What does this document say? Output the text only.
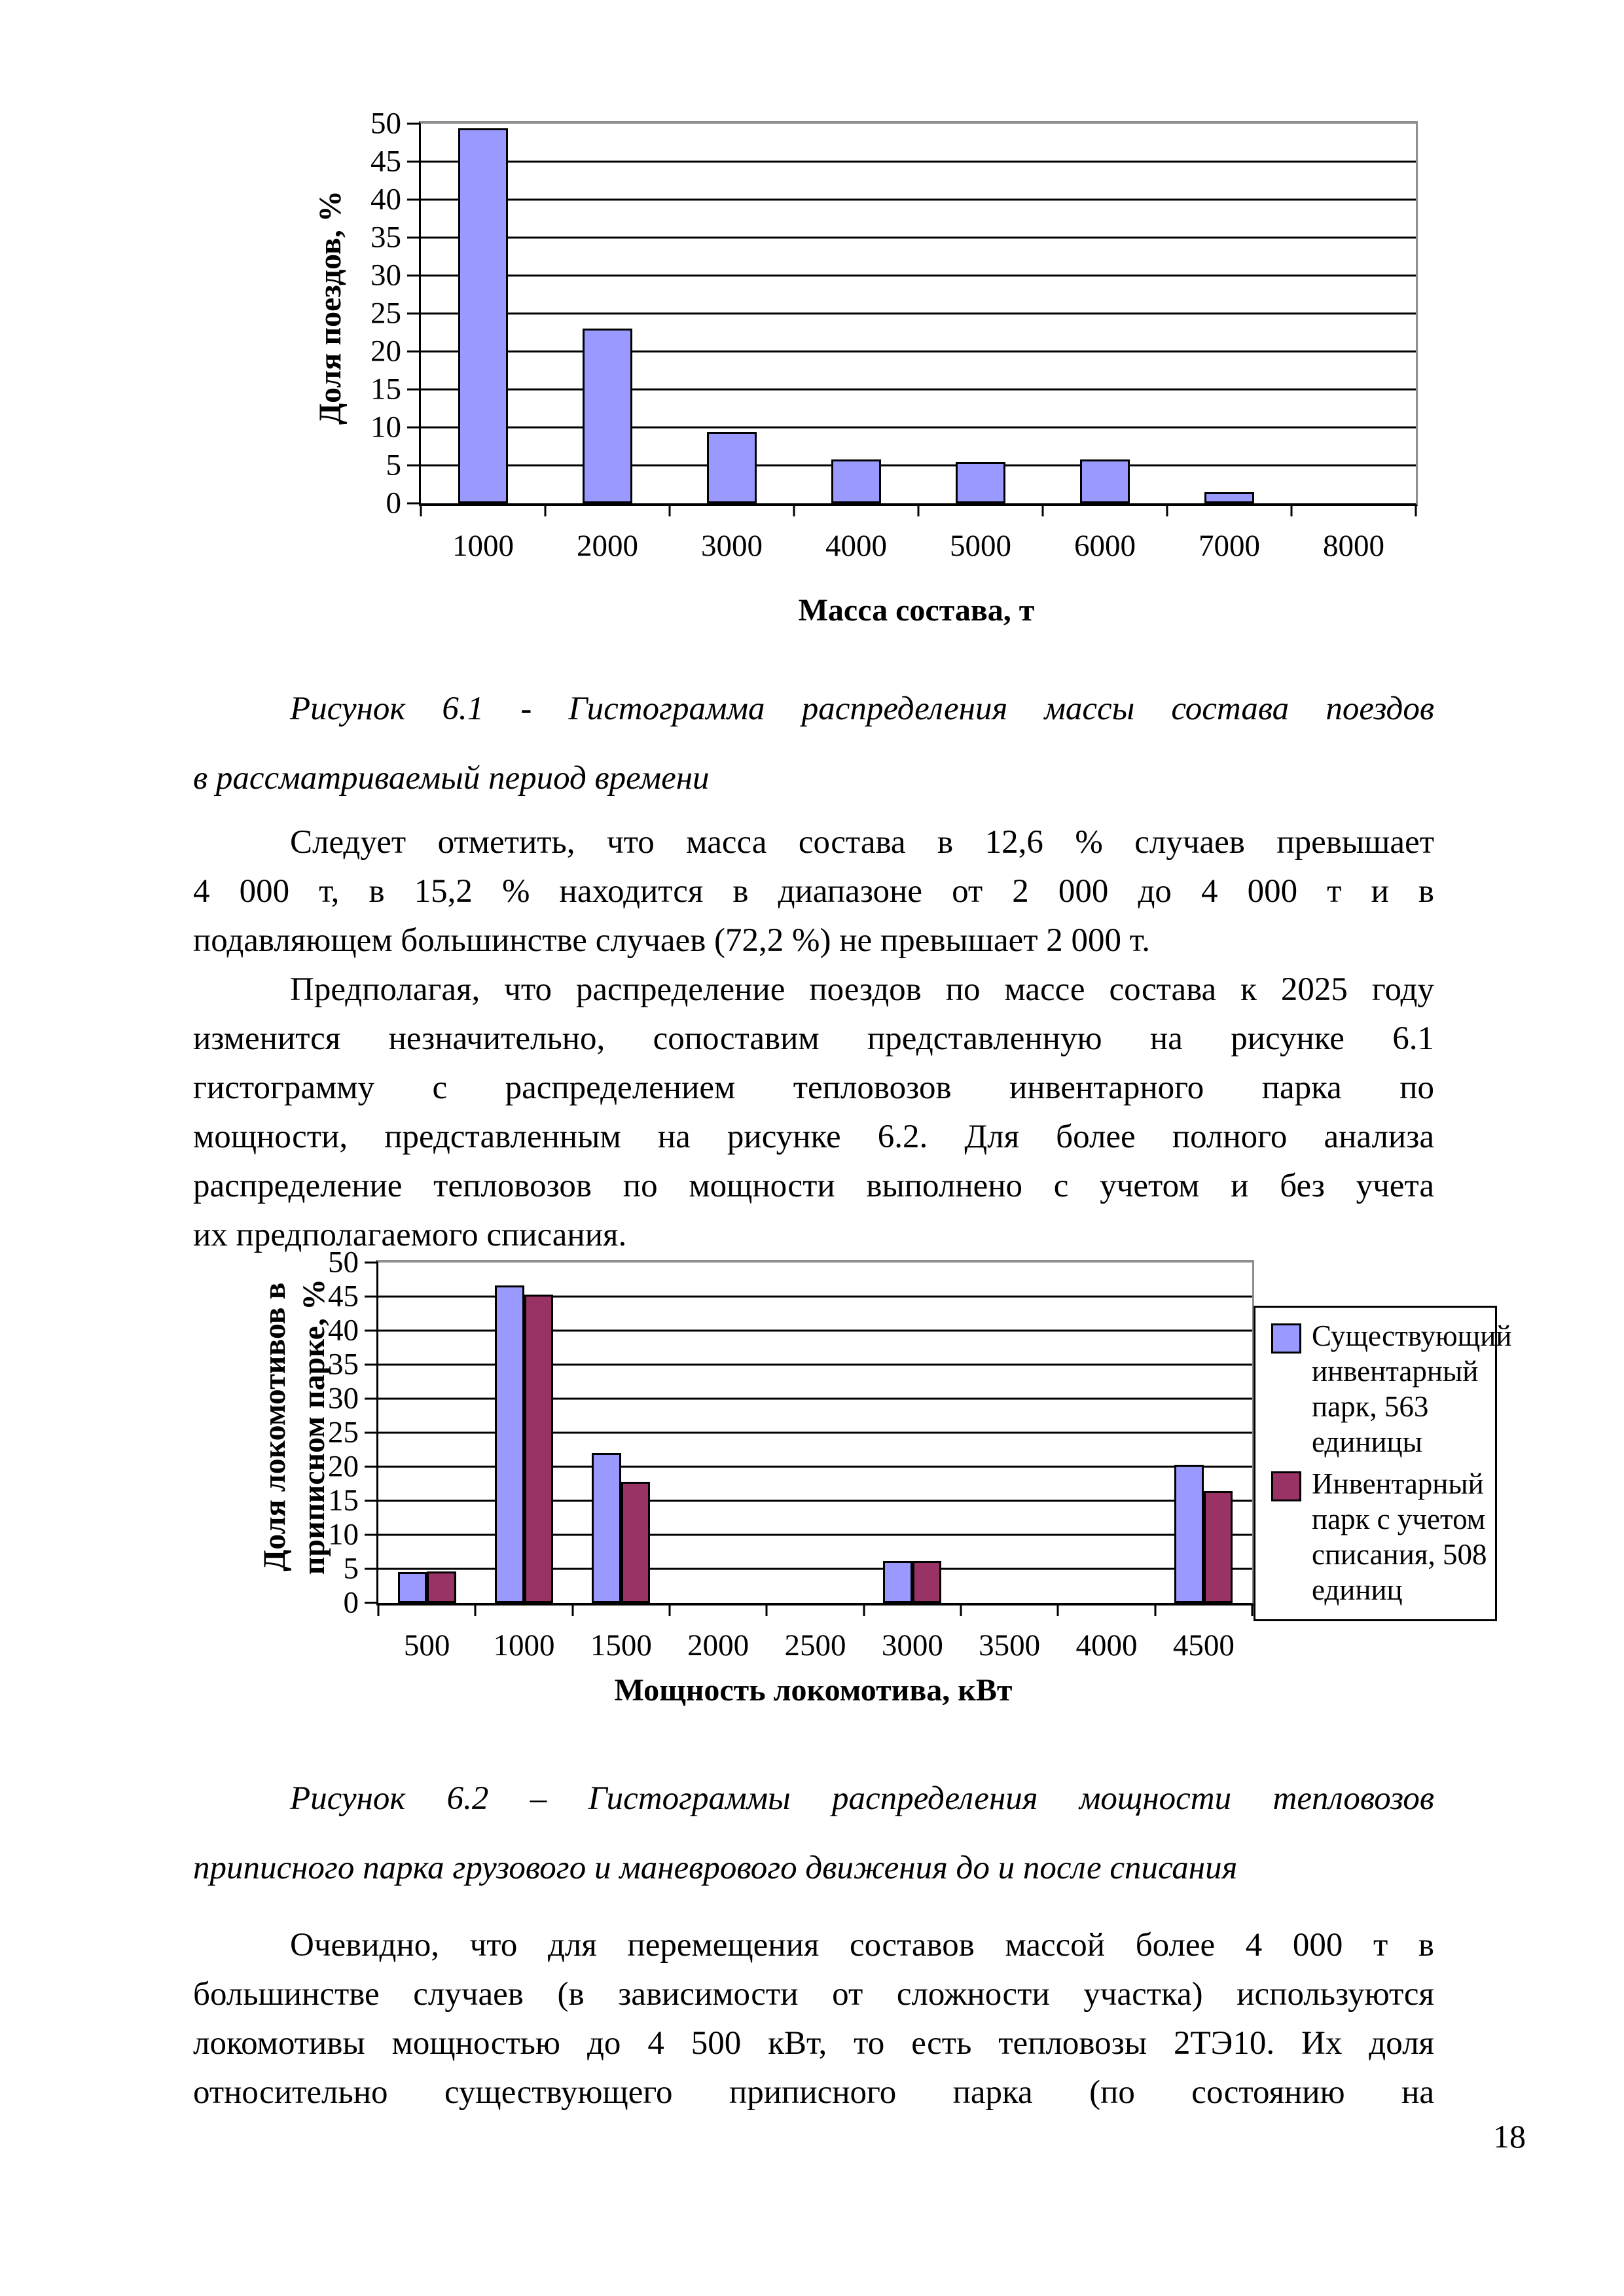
Доля поездов, %
0
5
10
15
20
25
30
35
40
45
50
1000 2000 3000 4000 5000 6000 7000 8000
Масса состава, т
Рисунок 6.1 - Гистограмма распределения массы состава поездов
в рассматриваемый период времени
Следует отметить, что масса состава в 12,6 % случаев превышает
4 000 т, в 15,2 % находится в диапазоне от 2 000 до 4 000 т и в
подавляющем большинстве случаев (72,2 %) не превышает 2 000 т.
Предполагая, что распределение поездов по массе состава к 2025 году
изменится незначительно, сопоставим представленную на рисунке 6.1
гистограмму с распределением тепловозов инвентарного парка по
мощности, представленным на рисунке 6.2. Для более полного анализа
распределение тепловозов по мощности выполнено с учетом и без учета
их предполагаемого списания.
Доля локомотивов в приписном парке, %
0
5
10
15
20
25
30
35
40
45
50
500 1000 1500 2000 2500 3000 3500 4000 4500
Существующий инвентарный парк, 563 единицы
Инвентарный парк с учетом списания, 508 единиц
Мощность локомотива, кВт
Рисунок 6.2 – Гистограммы распределения мощности тепловозов
приписного парка грузового и маневрового движения до и после списания
Очевидно, что для перемещения составов массой более 4 000 т в
большинстве случаев (в зависимости от сложности участка) используются
локомотивы мощностью до 4 500 кВт, то есть тепловозы 2ТЭ10. Их доля
относительно существующего приписного парка (по состоянию на
18
